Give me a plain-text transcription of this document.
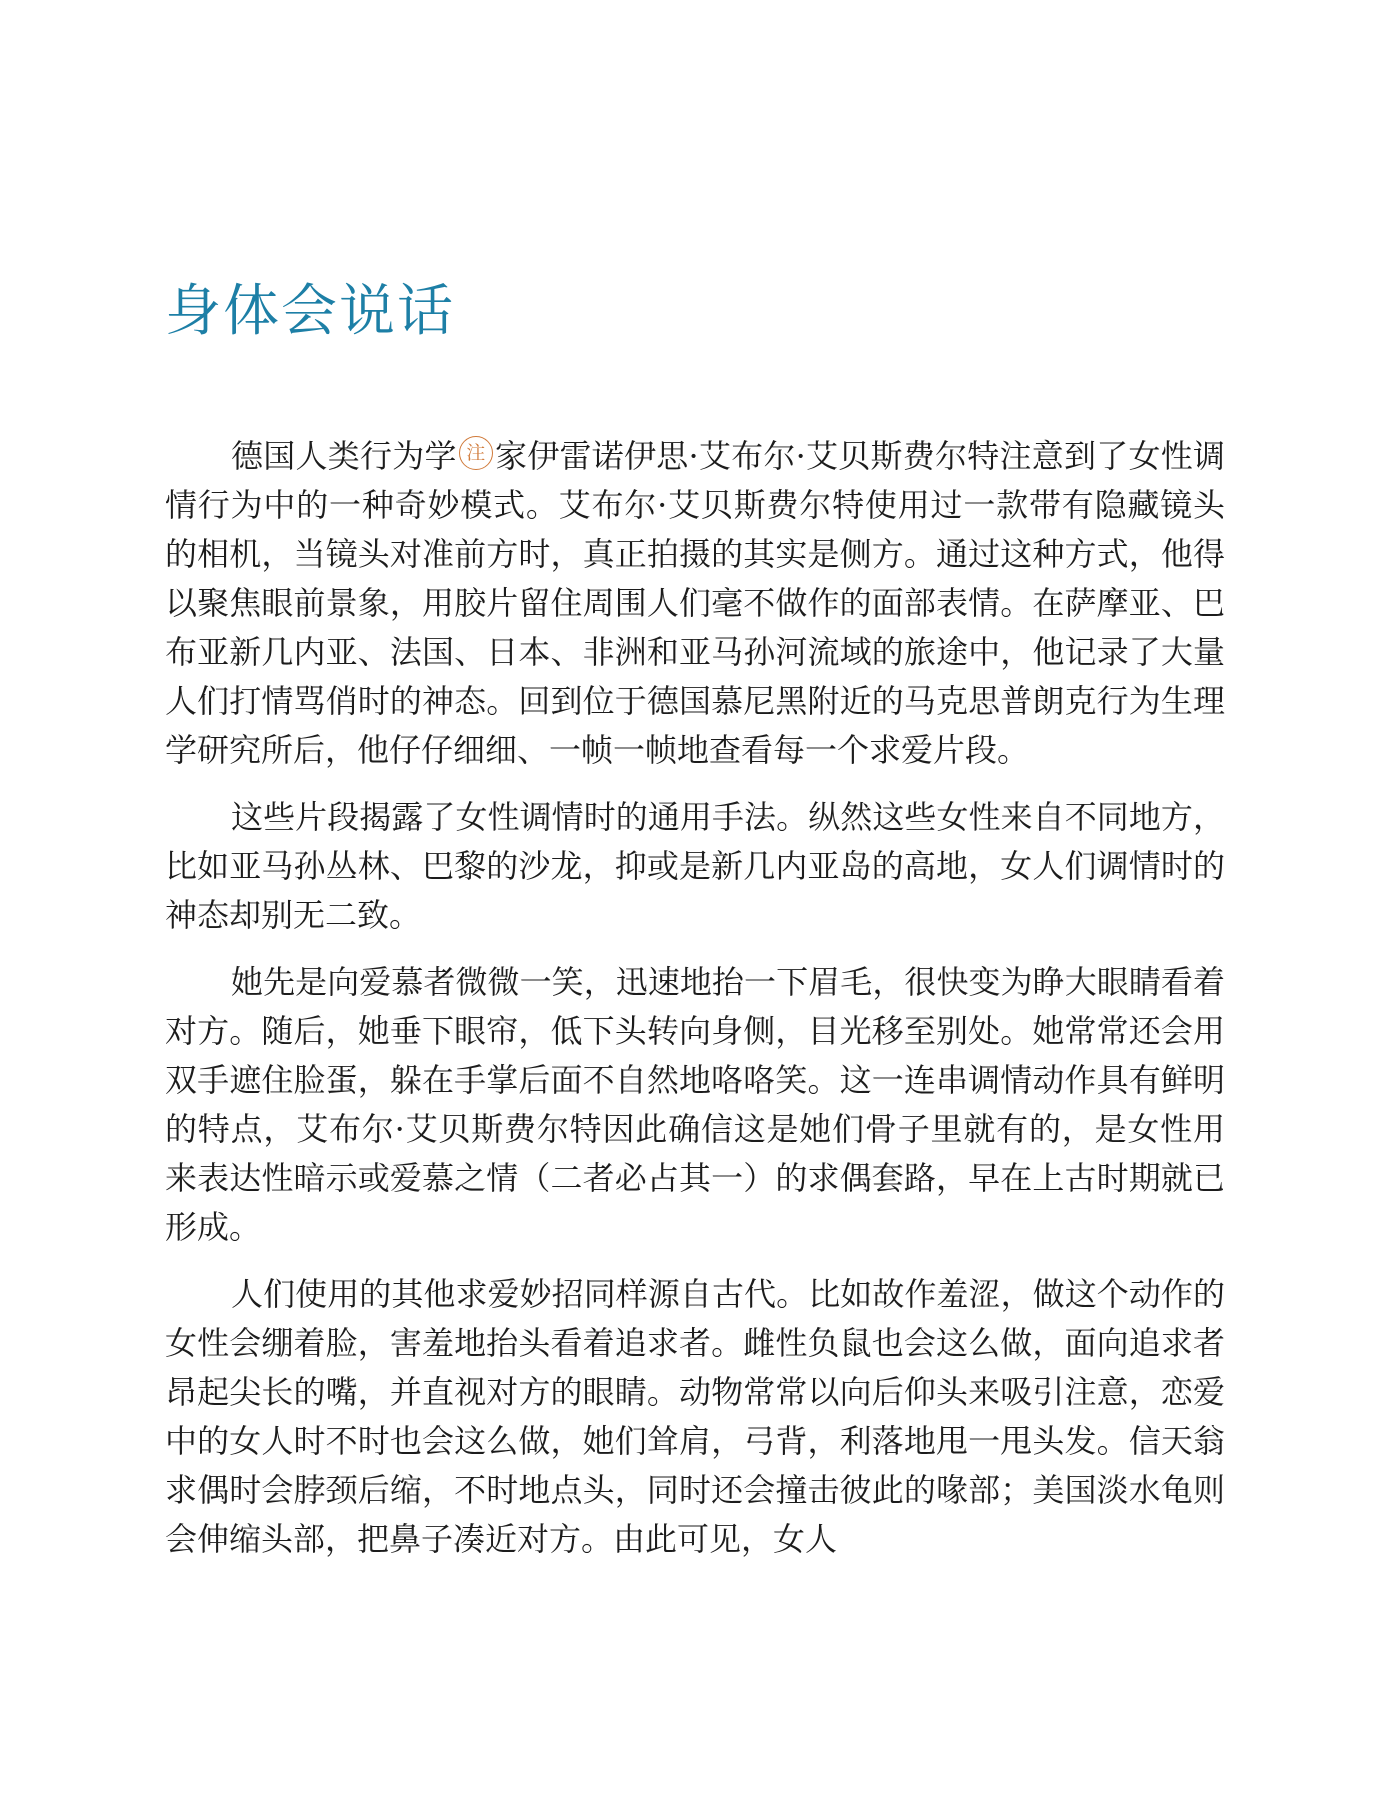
身体会说话

德国人类行为学 注 家伊雷诺伊思·艾布尔·艾贝斯费尔特注意到了女性调情行为中的一种奇妙模式。艾布尔·艾贝斯费尔特使用过一款带有隐藏镜头的相机，当镜头对准前方时，真正拍摄的其实是侧方。通过这种方式，他得以聚焦眼前景象，用胶片留住周围人们毫不做作的面部表情。在萨摩亚、巴布亚新几内亚、法国、日本、非洲和亚马孙河流域的旅途中，他记录了大量人们打情骂俏时的神态。回到位于德国慕尼黑附近的马克思普朗克行为生理学研究所后，他仔仔细细、一帧一帧地查看每一个求爱片段。

这些片段揭露了女性调情时的通用手法。纵然这些女性来自不同地方，比如亚马孙丛林、巴黎的沙龙，抑或是新几内亚岛的高地，女人们调情时的神态却别无二致。

她先是向爱慕者微微一笑，迅速地抬一下眉毛，很快变为睁大眼睛看着对方。随后，她垂下眼帘，低下头转向身侧，目光移至别处。她常常还会用双手遮住脸蛋，躲在手掌后面不自然地咯咯笑。这一连串调情动作具有鲜明的特点，艾布尔·艾贝斯费尔特因此确信这是她们骨子里就有的，是女性用来表达性暗示或爱慕之情（二者必占其一）的求偶套路，早在上古时期就已形成。

人们使用的其他求爱妙招同样源自古代。比如故作羞涩，做这个动作的女性会绷着脸，害羞地抬头看着追求者。雌性负鼠也会这么做，面向追求者昂起尖长的嘴，并直视对方的眼睛。动物常常以向后仰头来吸引注意，恋爱中的女人时不时也会这么做，她们耸肩，弓背，利落地甩一甩头发。信天翁求偶时会脖颈后缩，不时地点头，同时还会撞击彼此的喙部；美国淡水龟则会伸缩头部，把鼻子凑近对方。由此可见，女人
